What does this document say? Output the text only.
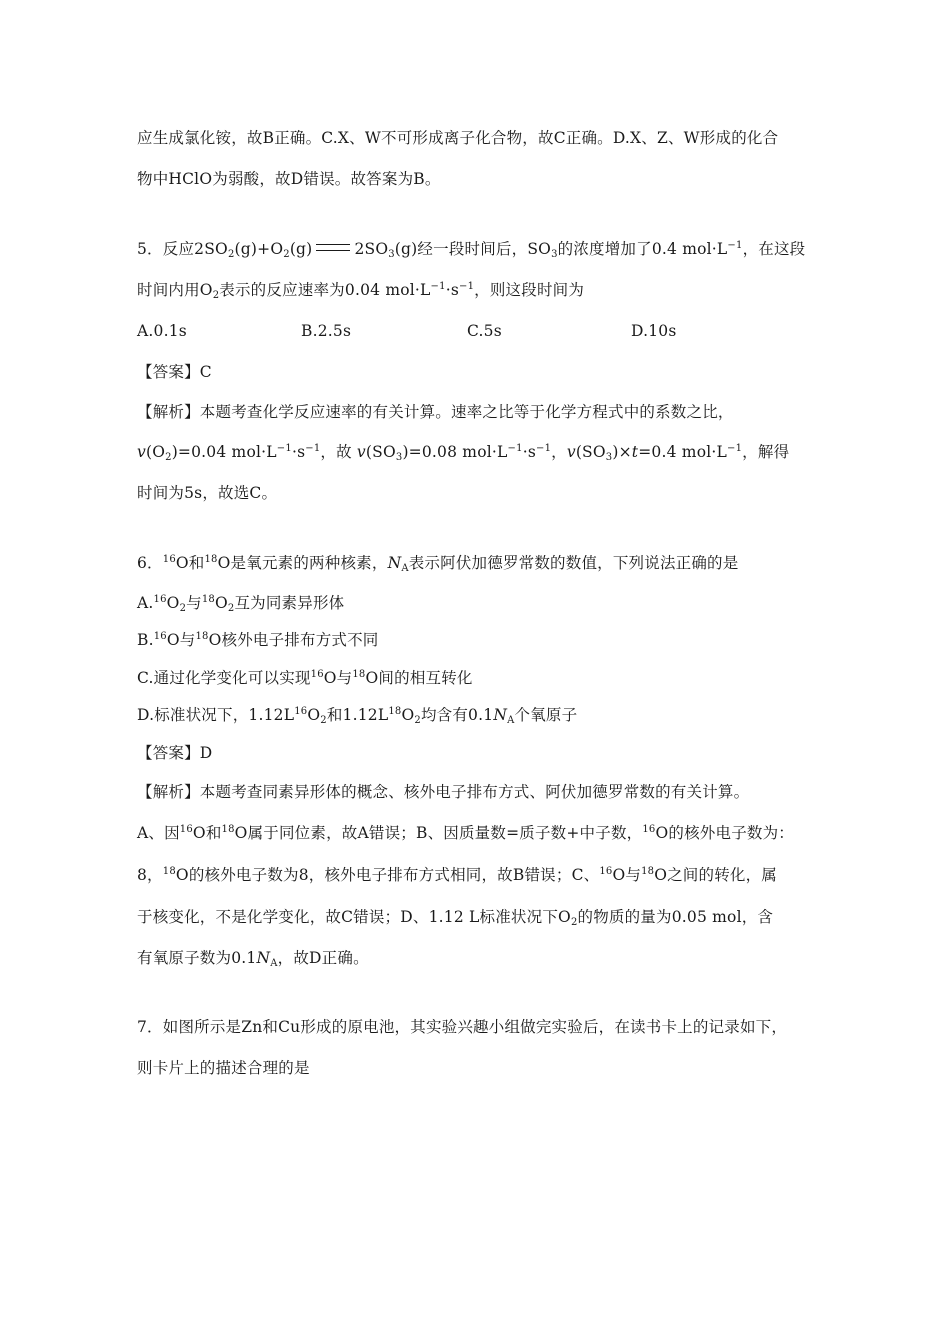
应生成氯化铵，故B正确。C.X、W不可形成离子化合物，故C正确。D.X、Z、W形成的化合
物中HClO为弱酸，故D错误。故答案为B。
5．反应$2SO_2(g)+O_2(g)$	$2SO_3(g)$经一段时间后，$SO_3$的浓度增加了0.4 $mol\cdot L^{-1}$，在这段
时间内用$O_2$表示的反应速率为0.04 $mol\cdot L^{-1}\cdot s^{-1}$，则这段时间为
A.0.1s	B.2.5s	C.5s	D.10s
【答案】C
【解析】本题考查化学反应速率的有关计算。速率之比等于化学方程式中的系数之比，
$v(O_2)=0.04$ $mol\cdot L^{-1}\cdot s^{-1}$，故 $v(SO_3)=0.08$ $mol\cdot L^{-1}\cdot s^{-1}$，$v(SO_3)\times t=0.4$ $mol\cdot L^{-1}$，解得
时间为5s，故选C。
6．$^{16}$O和$^{18}$O是氧元素的两种核素，$N_A$表示阿伏加德罗常数的数值，下列说法正确的是
$A.^{16}O_2$与$^{18}O_2$互为同素异形体
B.$^{16}$O与$^{18}$O核外电子排布方式不同
C.通过化学变化可以实现$^{16}$O与$^{18}$O间的相互转化
D.标准状况下，$1.12L^{16}O_2$和$1.12L^{18}O_2$均含有$0.1N_A$个氧原子
【答案】D
【解析】本题考查同素异形体的概念、核外电子排布方式、阿伏加德罗常数的有关计算。
A、因$^{16}$O和$^{18}$O属于同位素，故A错误；B、因质量数=质子数+中子数，$^{16}$O的核外电子数为：
8，$^{18}$O的核外电子数为8，核外电子排布方式相同，故B错误；C、$^{16}$O与$^{18}$O之间的转化，属
于核变化，不是化学变化，故C错误；D、1.12 L标准状况下$O_2$的物质的量为0.05 mol，含
有氧原子数为$0.1N_A$，故D正确。
7．如图所示是Zn和Cu形成的原电池，其实验兴趣小组做完实验后，在读书卡上的记录如下，
则卡片上的描述合理的是
